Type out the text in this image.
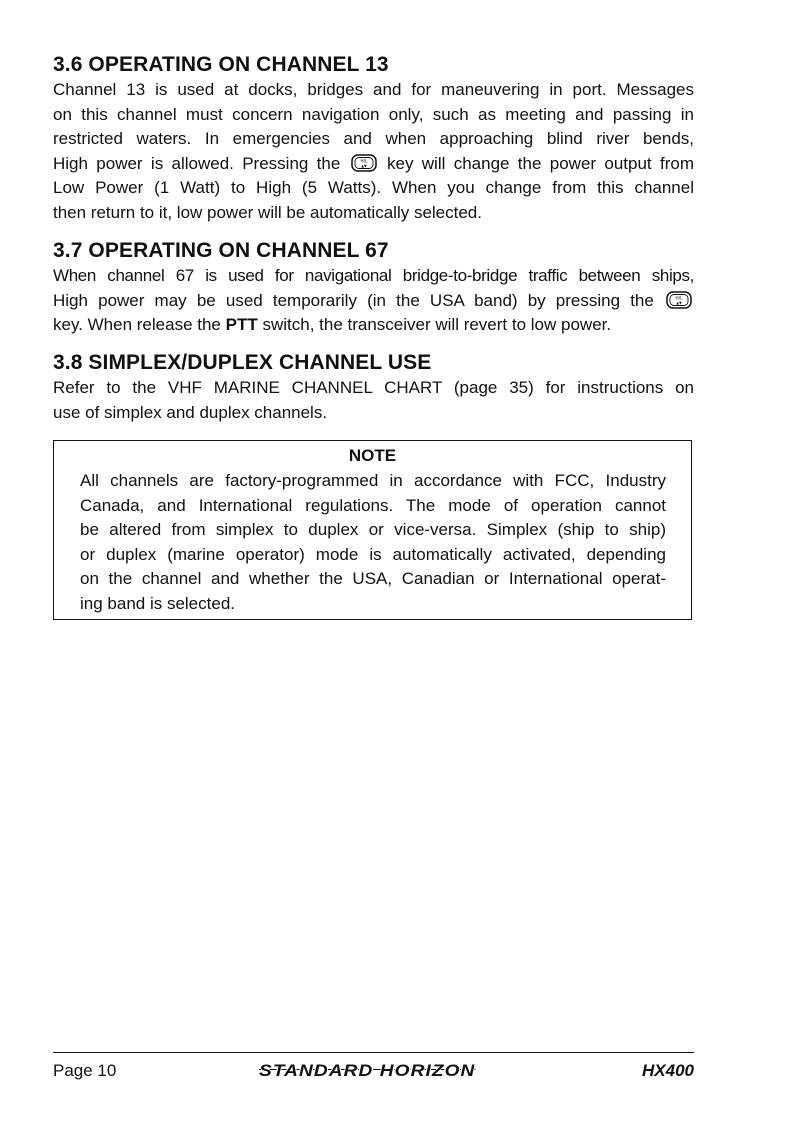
3.6 OPERATING ON CHANNEL 13
Channel 13 is used at docks, bridges and for maneuvering in port. Messages
on this channel must concern navigation only, such as meeting and passing in
restricted waters. In emergencies and when approaching blind river bends,
High power is allowed. Pressing the	H/L
▲▼ key will change the power output from
Low Power (1 Watt) to High (5 Watts). When you change from this channel
then return to it, low power will be automatically selected.
3.7 OPERATING ON CHANNEL 67
When channel 67 is used for navigational bridge-to-bridge traffic between ships,
High power may be used temporarily (in the USA band) by pressing the	H/L
▲▼
key. When release the PTT switch, the transceiver will revert to low power.
3.8 SIMPLEX/DUPLEX CHANNEL USE
Refer to the VHF MARINE CHANNEL CHART (page 35) for instructions on
use of simplex and duplex channels.
NOTE
All channels are factory-programmed in accordance with FCC, Industry
Canada, and International regulations. The mode of operation cannot
be altered from simplex to duplex or vice-versa. Simplex (ship to ship)
or duplex (marine operator) mode is automatically activated, depending
on the channel and whether the USA, Canadian or International operat-
ing band is selected.
Page 10	STANDARD HORIZON	HX400
